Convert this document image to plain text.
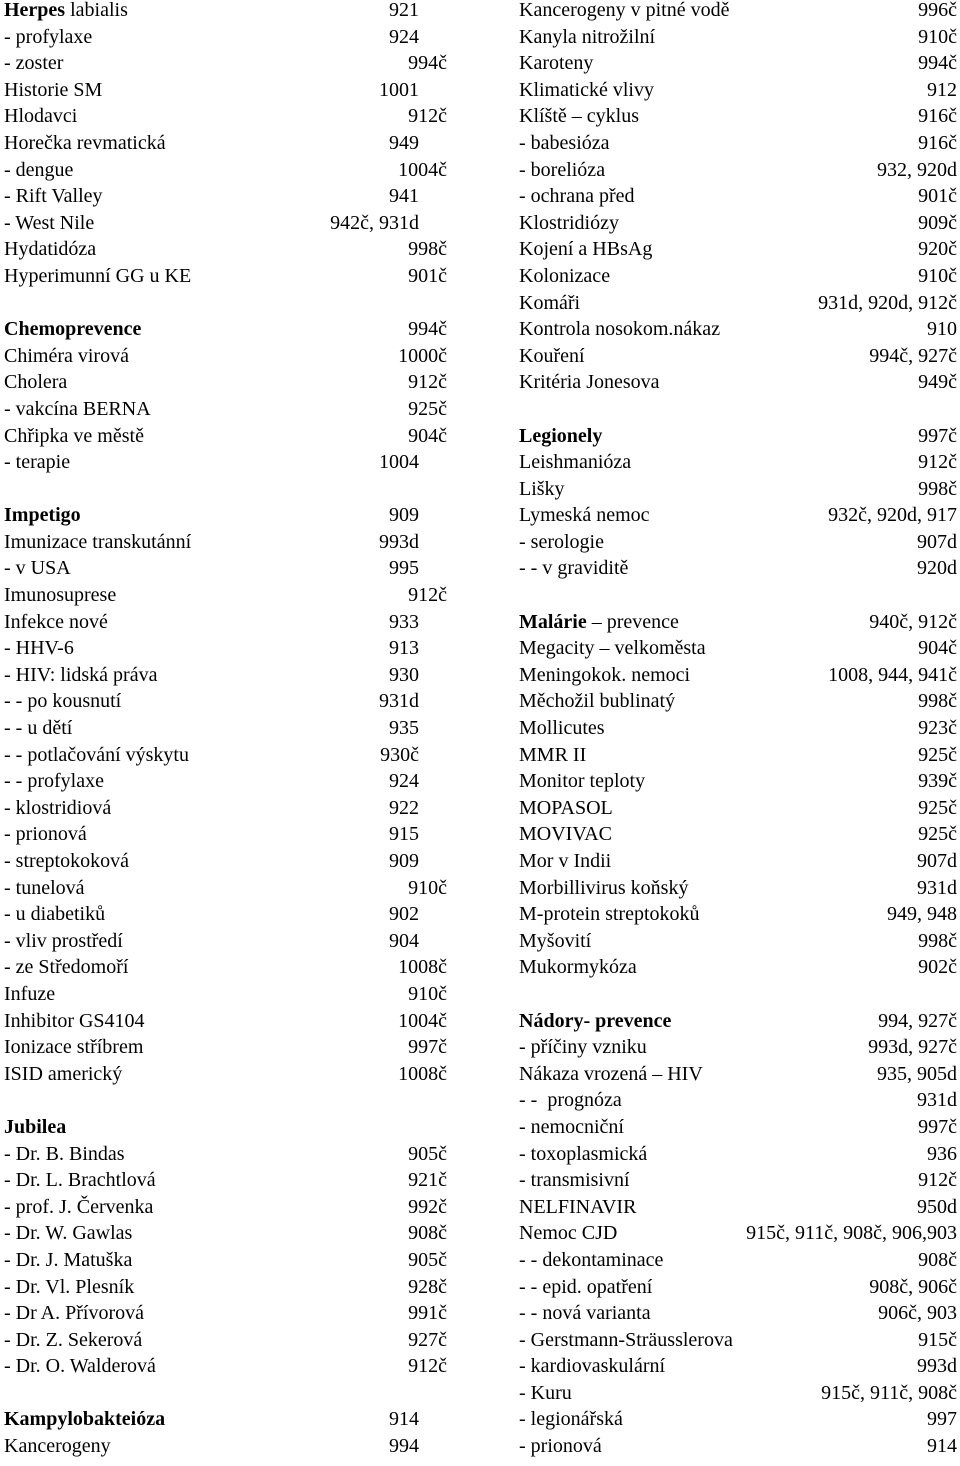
Herpes labialis	921
- profylaxe	924
- zoster	994č
Historie SM	1001
Hlodavci	912č
Horečka revmatická	949
- dengue	1004č
- Rift Valley	941
- West Nile	942č, 931d
Hydatidóza	998č
Hyperimunní GG u KE	901č
Chemoprevence	994č
Chiméra virová	1000č
Cholera	912č
- vakcína BERNA	925č
Chřipka ve městě	904č
- terapie	1004
Impetigo	909
Imunizace transkutánní	993d
- v USA	995
Imunosuprese	912č
Infekce nové	933
- HHV-6	913
- HIV: lidská práva	930
- - po kousnutí	931d
- - u dětí	935
- - potlačování výskytu	930č
- - profylaxe	924
- klostridiová	922
- prionová	915
- streptokoková	909
- tunelová	910č
- u diabetiků	902
- vliv prostředí	904
- ze Středomoří	1008č
Infuze	910č
Inhibitor GS4104	1004č
Ionizace stříbrem	997č
ISID americký	1008č
Jubilea
- Dr. B. Bindas	905č
- Dr. L. Brachtlová	921č
- prof. J. Červenka	992č
- Dr. W. Gawlas	908č
- Dr. J. Matuška	905č
- Dr. Vl. Plesník	928č
- Dr A. Přívorová	991č
- Dr. Z. Sekerová	927č
- Dr. O. Walderová	912č
Kampylobakteióza	914
Kancerogeny	994
Kancerogeny v pitné vodě	996č
Kanyla nitrožilní	910č
Karoteny	994č
Klimatické vlivy	912
Klíště – cyklus	916č
- babesióza	916č
- borelióza	932, 920d
- ochrana před	901č
Klostridiózy	909č
Kojení a HBsAg	920č
Kolonizace	910č
Komáři	931d, 920d, 912č
Kontrola nosokom.nákaz	910
Kouření	994č, 927č
Kritéria Jonesova	949č
Legionely	997č
Leishmanióza	912č
Lišky	998č
Lymeská nemoc	932č, 920d, 917
- serologie	907d
- - v graviditě	920d
Malárie – prevence	940č, 912č
Megacity – velkoměsta	904č
Meningokok. nemoci	1008, 944, 941č
Měchožil bublinatý	998č
Mollicutes	923č
MMR II	925č
Monitor teploty	939č
MOPASOL	925č
MOVIVAC	925č
Mor v Indii	907d
Morbillivirus koňský	931d
M-protein streptokoků	949, 948
Myšovití	998č
Mukormykóza	902č
Nádory- prevence	994, 927č
- příčiny vzniku	993d, 927č
Nákaza vrozená – HIV	935, 905d
- -  prognóza	931d
- nemocniční	997č
- toxoplasmická	936
- transmisivní	912č
NELFINAVIR	950d
Nemoc CJD	915č, 911č, 908č, 906,903
- - dekontaminace	908č
- - epid. opatření	908č, 906č
- - nová varianta	906č, 903
- Gerstmann-Sträusslerova	915č
- kardiovaskulární	993d
- Kuru	915č, 911č, 908č
- legionářská	997
- prionová	914
